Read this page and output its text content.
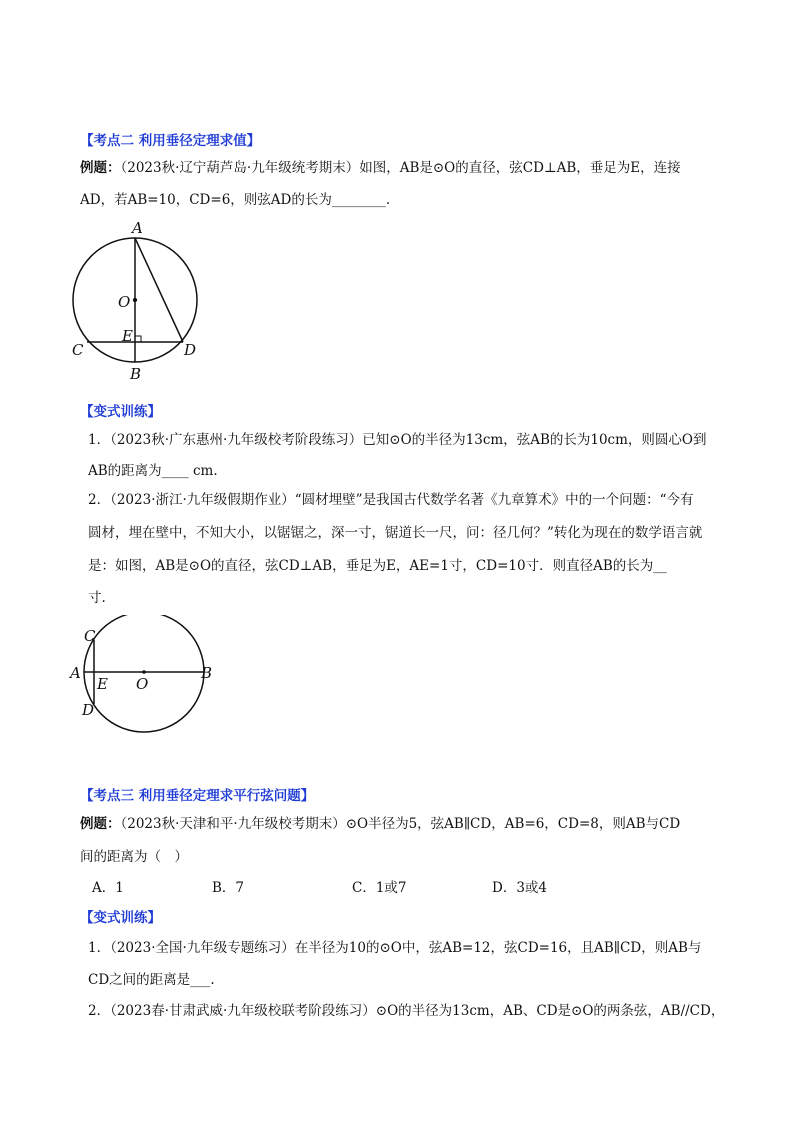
【考点二 利用垂径定理求值】
例题：（2023秋·辽宁葫芦岛·九年级统考期末）如图，AB是⊙O的直径，弦CD⊥AB，垂足为E，连接
AD，若AB=10，CD=6，则弦AD的长为________.
A
O
E
C	D
B
【变式训练】
1．（2023秋·广东惠州·九年级校考阶段练习）已知⊙O的半径为13cm，弦AB的长为10cm，则圆心O到
AB的距离为____ cm.
2．（2023·浙江·九年级假期作业）“圆材埋壁”是我国古代数学名著《九章算术》中的一个问题：“今有
圆材，埋在壁中，不知大小，以锯锯之，深一寸，锯道长一尺，问：径几何？”转化为现在的数学语言就
是：如图，AB是⊙O的直径，弦CD⊥AB，垂足为E，AE=1寸，CD=10寸．则直径AB的长为__
寸.
C
A
E O
B
D
【考点三 利用垂径定理求平行弦问题】
例题：（2023秋·天津和平·九年级校考期末）⊙O半径为5，弦AB∥CD，AB=6，CD=8，则AB与CD
间的距离为（　）
A．1	B．7	C．1或7	D．3或4
【变式训练】
1．（2023·全国·九年级专题练习）在半径为10的⊙O中，弦AB=12，弦CD=16，且AB∥CD，则AB与
CD之间的距离是___.
2．（2023春·甘肃武威·九年级校联考阶段练习）⊙O的半径为13cm，AB、CD是⊙O的两条弦，AB//CD，
